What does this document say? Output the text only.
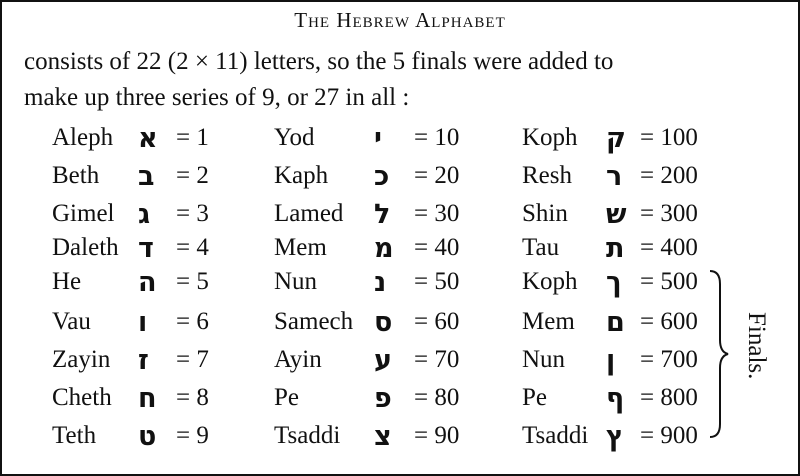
The Hebrew Alphabet
consists of 22 (2 × 11) letters, so the 5 finals were added to
make up three series of 9, or 27 in all :
Aleph א = 1
Beth ב = 2
Gimel ג = 3
Daleth ד = 4
He ה = 5
Vau ו = 6
Zayin ז = 7
Cheth ח = 8
Teth ט = 9
Yod י = 10
Kaph כ = 20
Lamed ל = 30
Mem מ = 40
Nun נ = 50
Samech ס = 60
Ayin ע = 70
Pe	פ = 80
Tsaddi צ = 90
Koph ק = 100
Resh ר = 200
Shin ש = 300
Tau ת = 400
Koph ך = 500
Mem ם = 600
Nun ן = 700
Pe ף = 800
Tsaddi ץ = 900
Finals.
